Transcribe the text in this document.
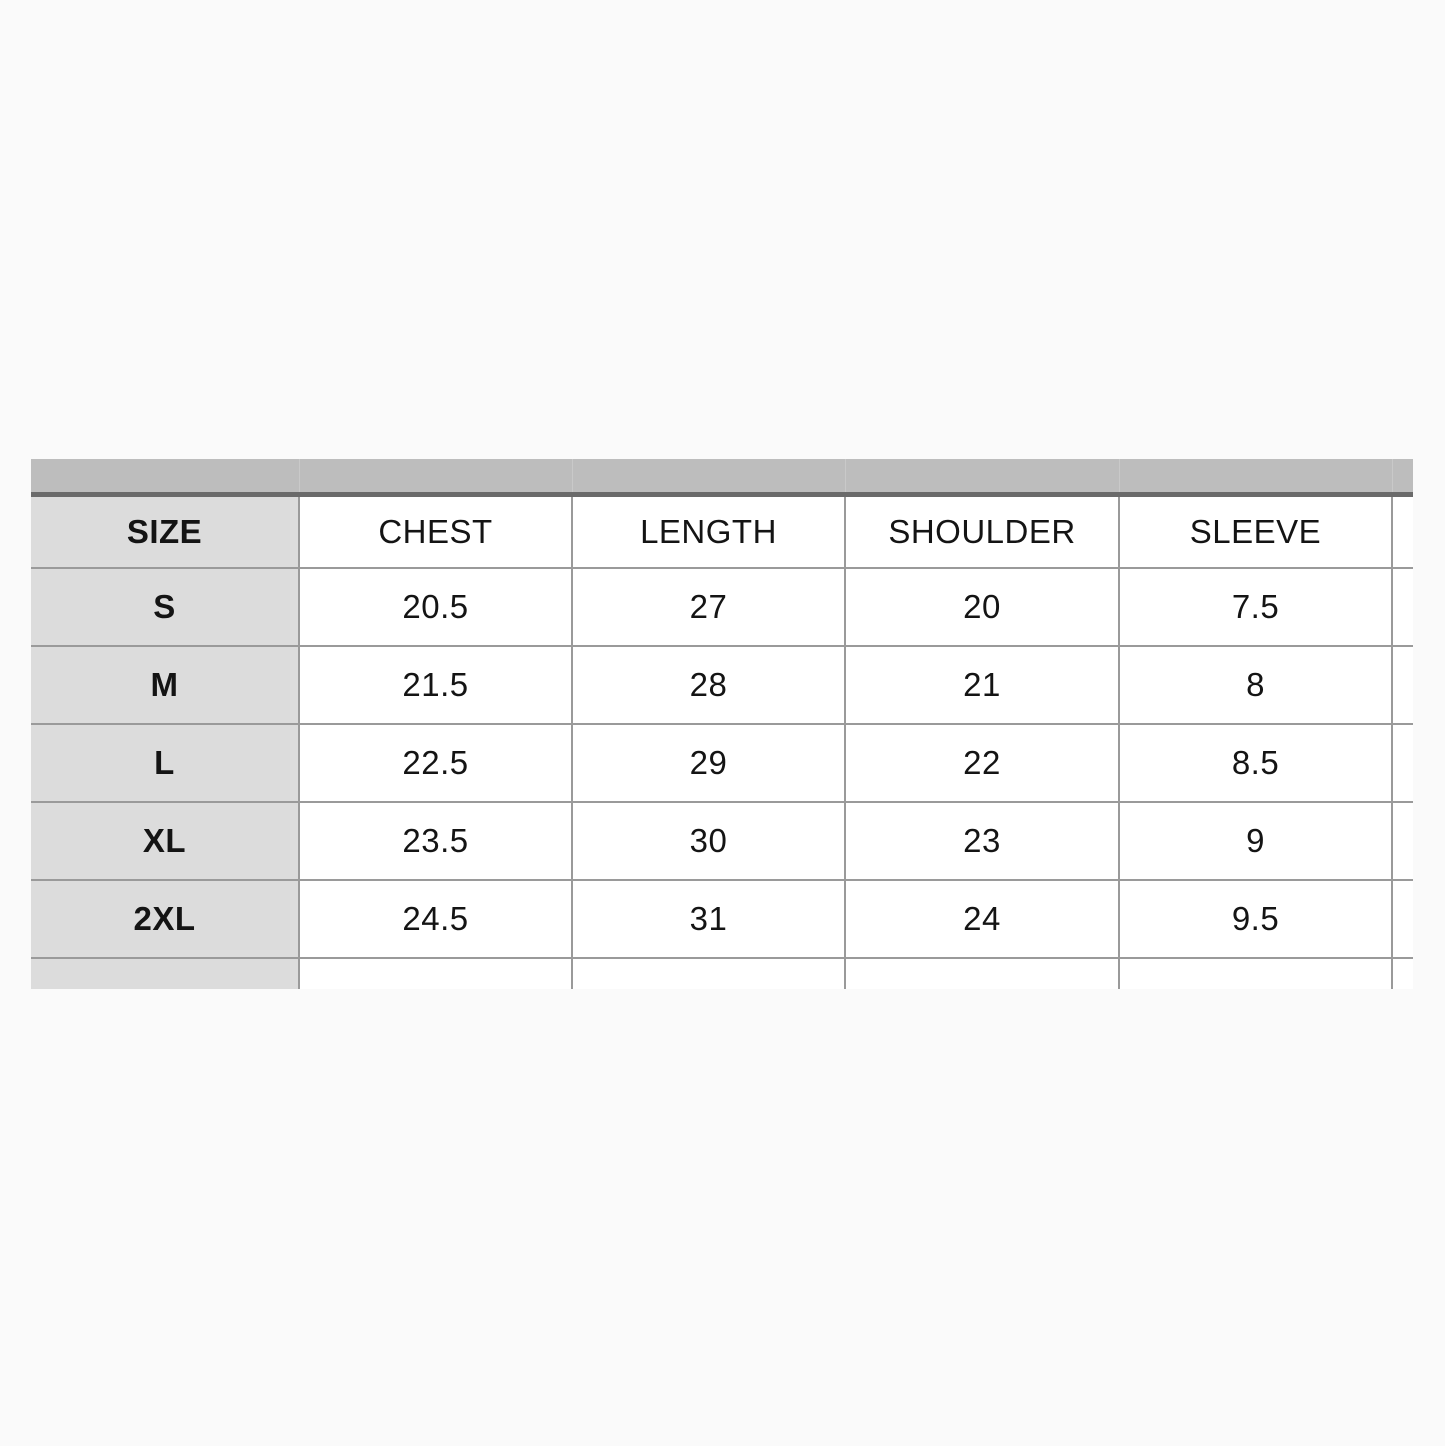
SIZE	CHEST	LENGTH	SHOULDER	SLEEVE
S	20.5	27	20	7.5
M	21.5	28	21	8
L	22.5	29	22	8.5
XL	23.5	30	23	9
2XL	24.5	31	24	9.5
